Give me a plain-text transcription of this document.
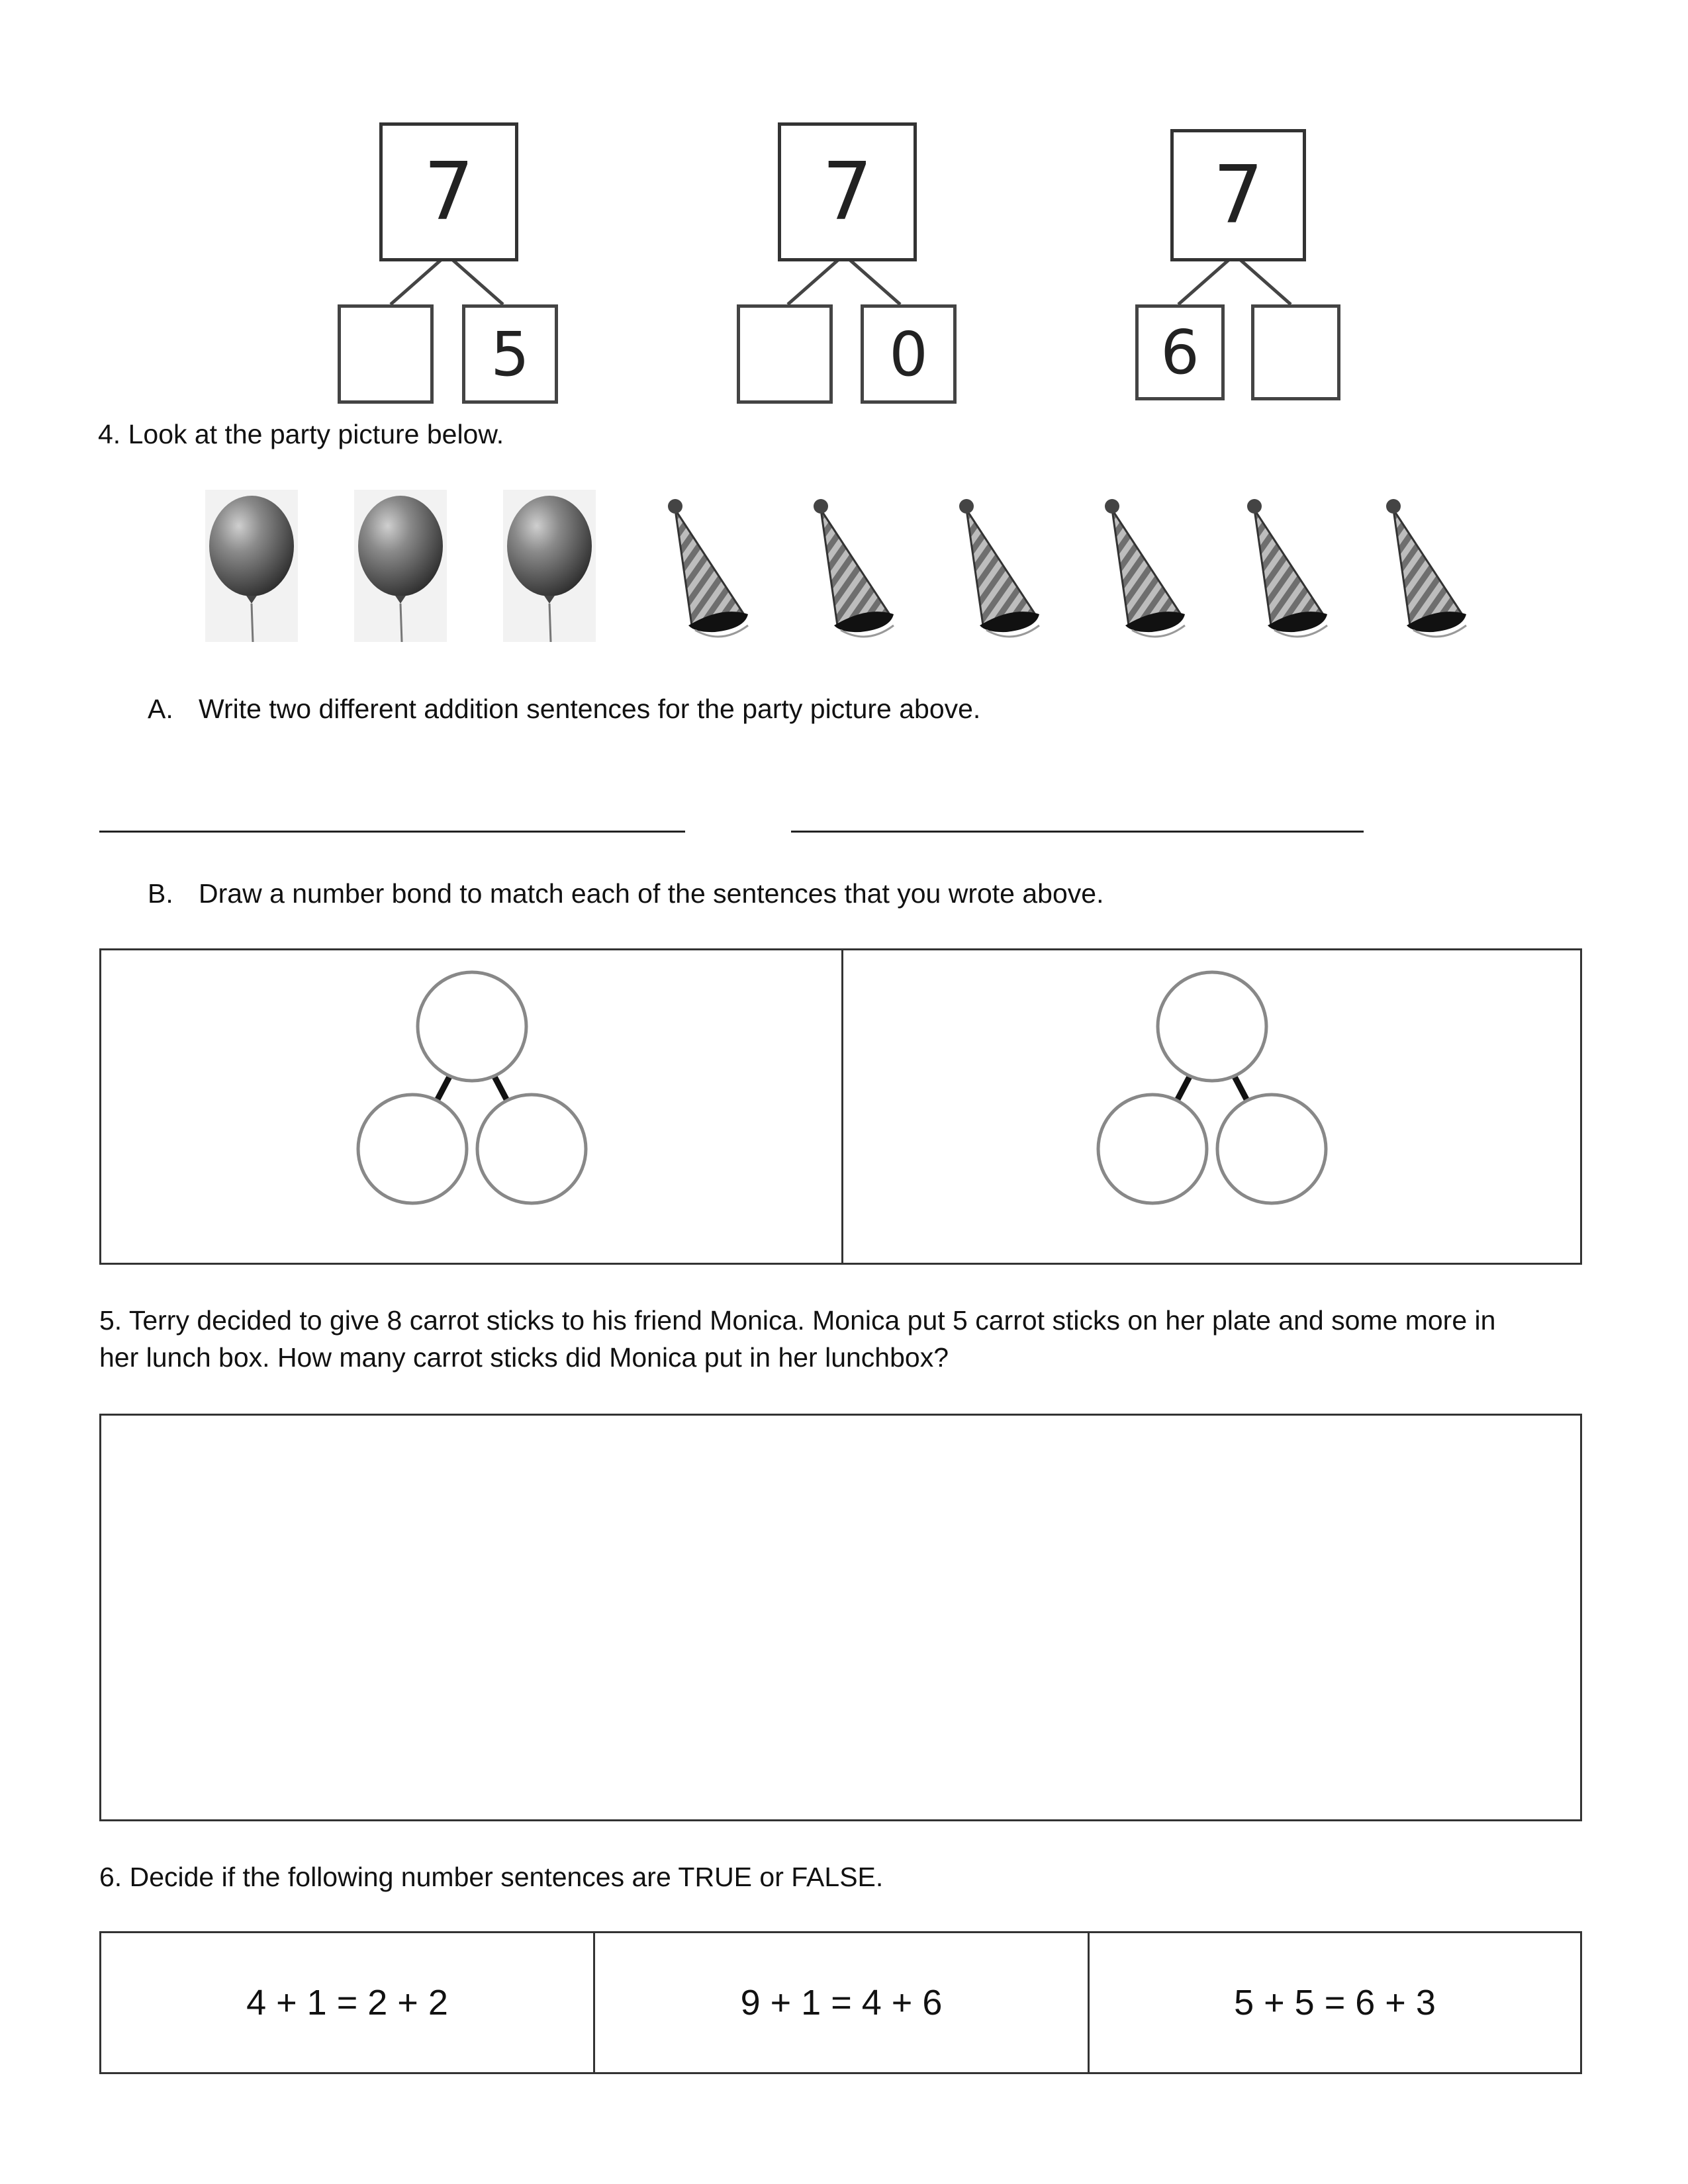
7
5
7
0
7
6
4. Look at the party picture below.
A. Write two different addition sentences for the party picture above.
B. Draw a number bond to match each of the sentences that you wrote above.
5. Terry decided to give 8 carrot sticks to his friend Monica. Monica put 5 carrot sticks on her plate and some more in
her lunch box. How many carrot sticks did Monica put in her lunchbox?
6. Decide if the following number sentences are TRUE or FALSE.
4 + 1 = 2 + 2	9 + 1 = 4 + 6	5 + 5 = 6 + 3
